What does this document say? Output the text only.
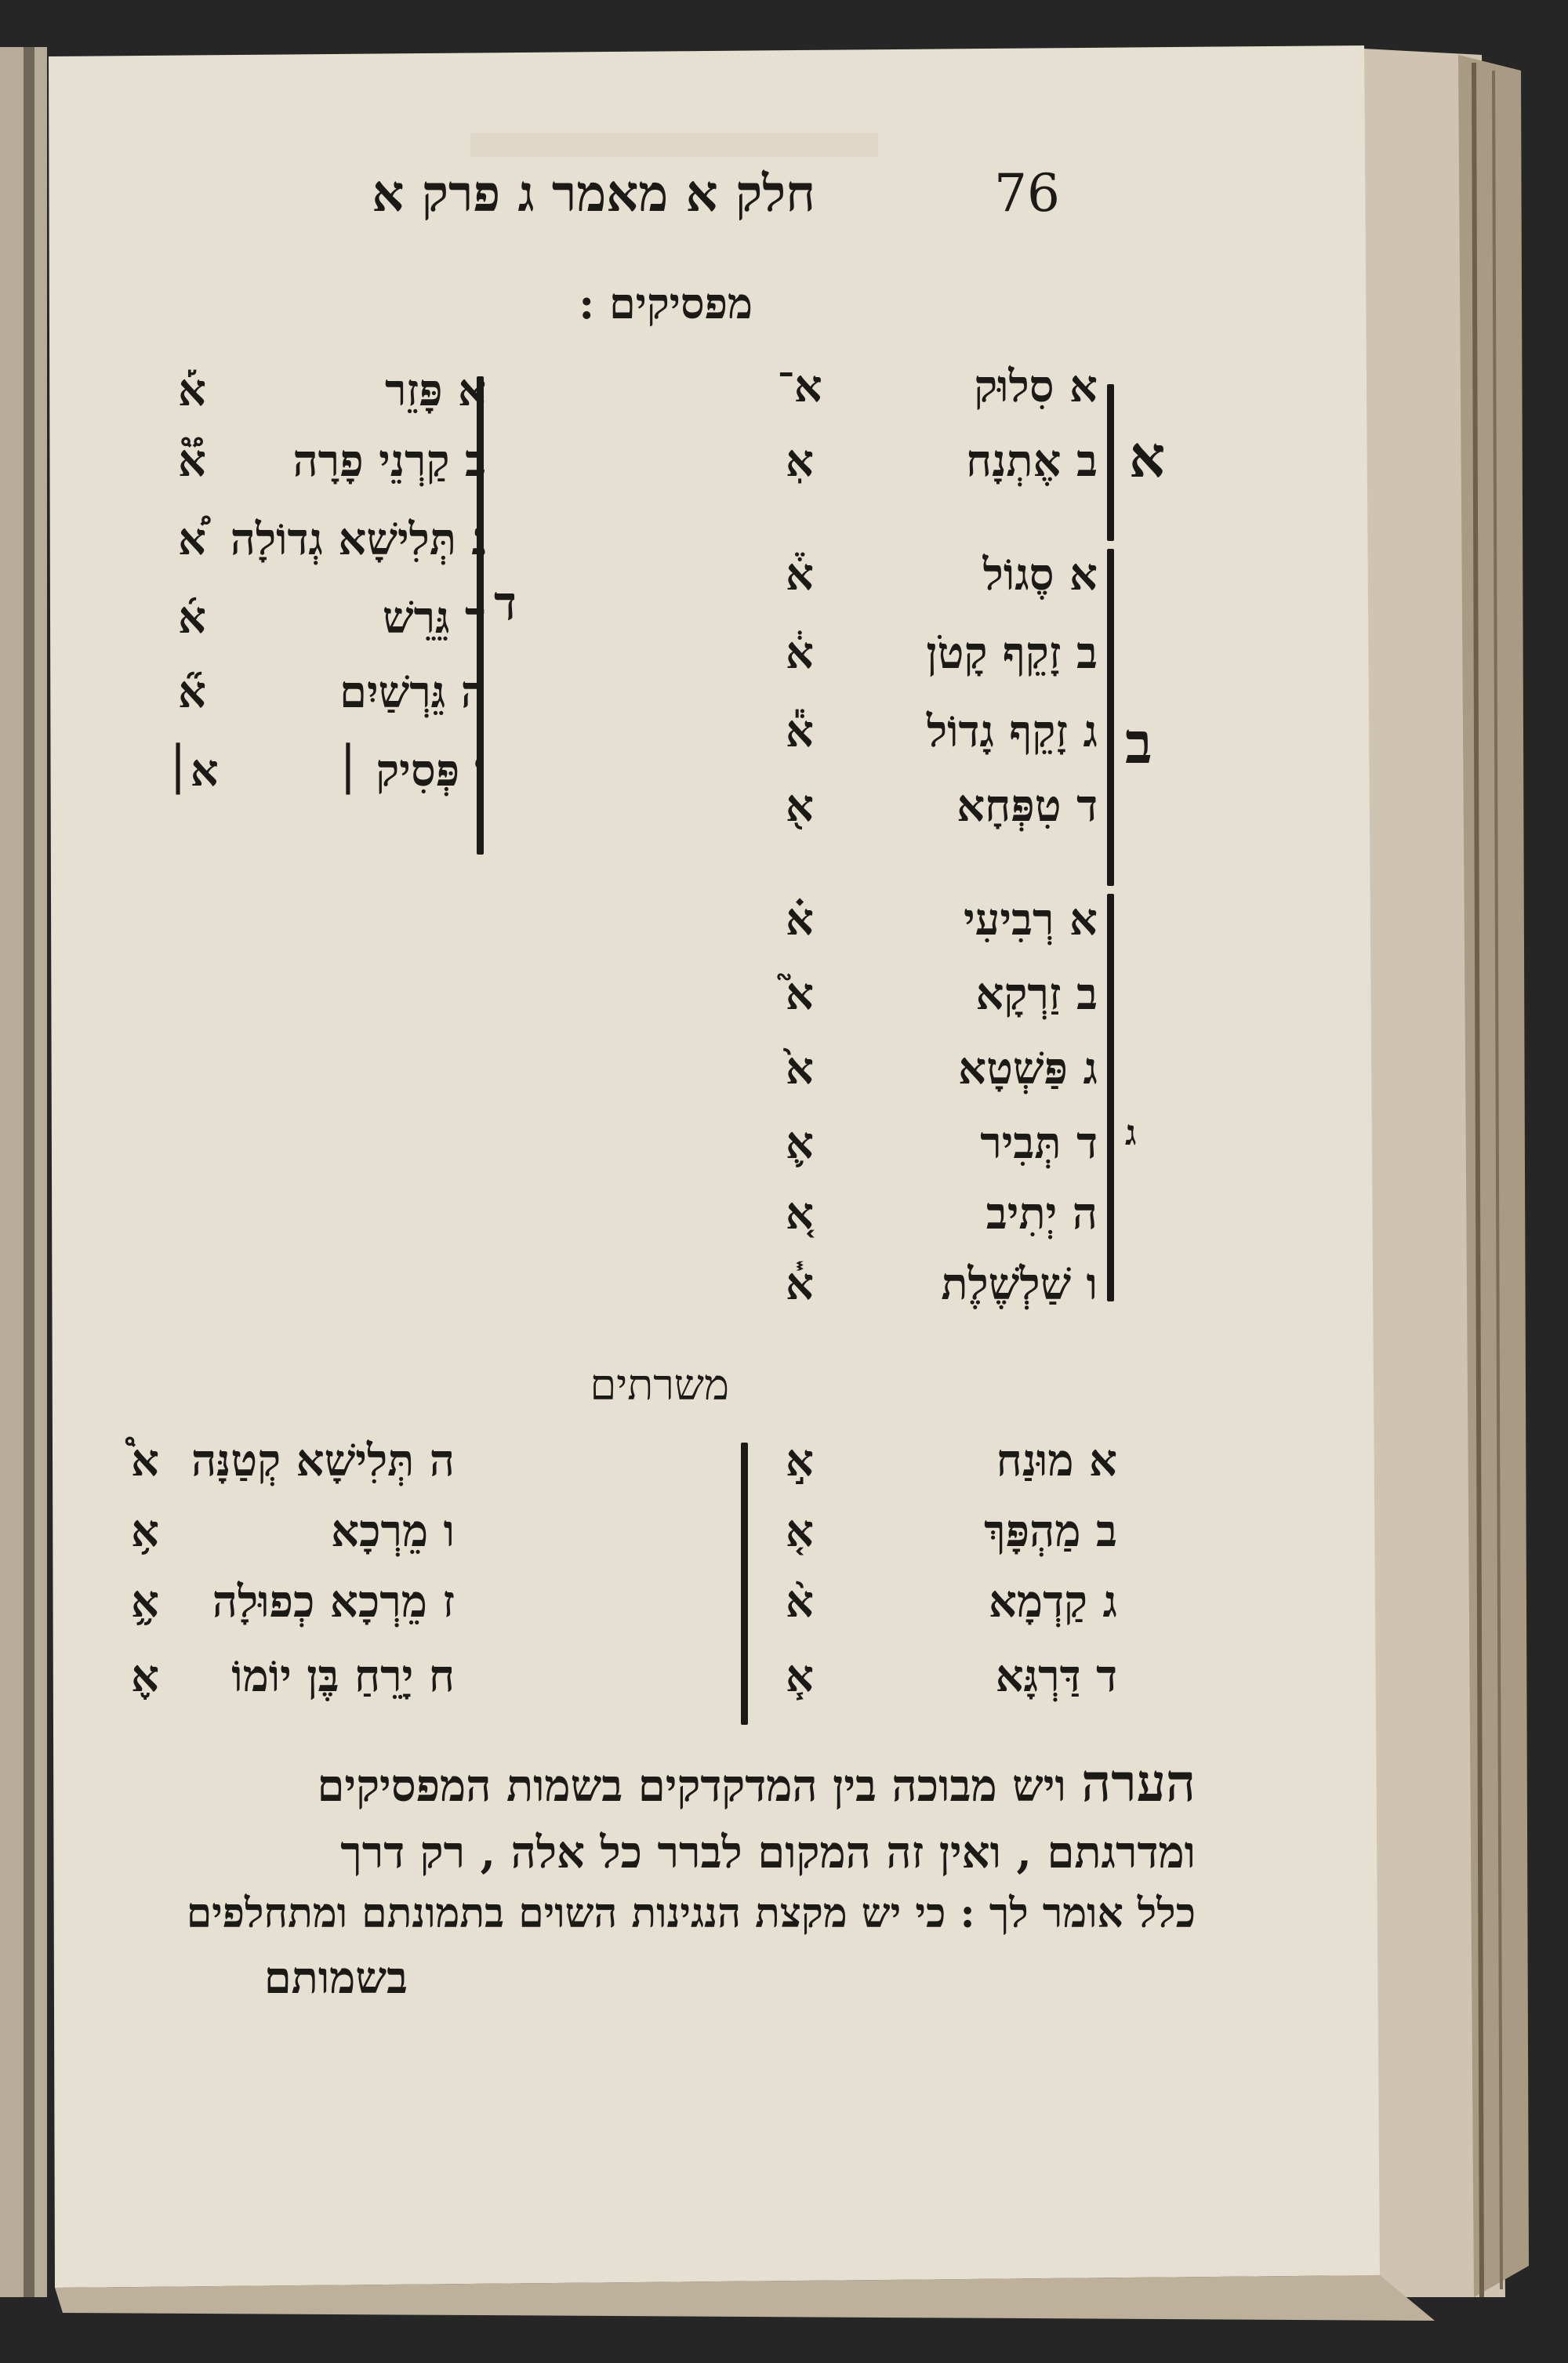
76
חלק א מאמר ג פרק א
מפסיקים :
א
ב
ג
ד
א סִלוּק
א־
ב אֶתְנָח
אֽ
א סֶגוֹל
א֒
ב זָקֵף קָטֹן
א֔
ג זָקֵף גָדוֹל
א֕
ד טִפְּחָא
א֖
א רְבִיעִי
א֗
ב זַרְקָא
א֮
ג פַּשְׁטָא
א֙
ד תְּבִיר
א֛
ה יְתִיב
א֚
ו שַׁלְשֶׁלֶת
א֓
א פָּזֵר
א֡
ב קַרְנֵי פָרָה
א֟
ג תְּלִישָׁא גְדוֹלָה
א֠
ד גֵּרֵשׁ
א֜
ה גֵּרְשַׁיִם
א֞
ו פְּסִיק ׀
א׀
משרתים
א מוּנַח
א֣
ב מַהְפָּךְ
א֤
ג קַדְמָא
א֨
ד דַּרְגָּא
א֧
ה תְּלִישָׁא קְטַנָּה
א֩
ו מֵרְכָא
א֥
ז מֵרְכָא כְפוּלָה
א֦
ח יָרֵחַ בֶּן יוֹמוֹ
א֪
הערה ויש מבוכה בין המדקדקים בשמות המפסיקים
ומדרגתם , ואין זה המקום לברר כל אלה , רק דרך
כלל אומר לך : כי יש מקצת הנגינות השוים בתמונתם ומתחלפים
בשמותם
